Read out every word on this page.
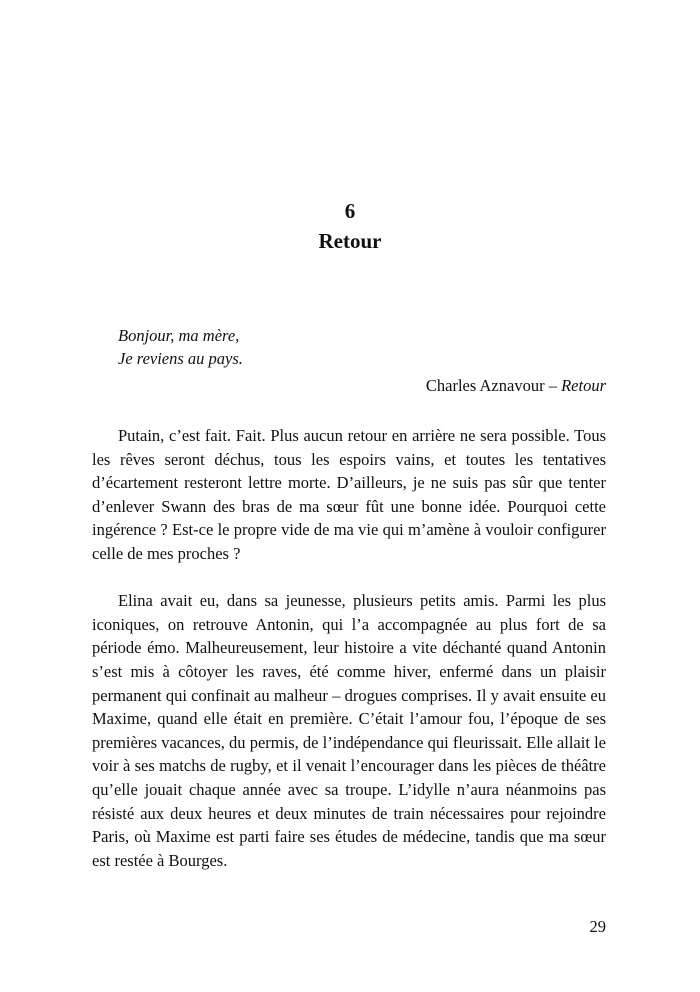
6
Retour
Bonjour, ma mère,
Je reviens au pays.
Charles Aznavour – Retour

Putain, c’est fait. Fait. Plus aucun retour en arrière ne sera possible. Tous les rêves seront déchus, tous les espoirs vains, et toutes les tentatives d’écartement resteront lettre morte. D’ailleurs, je ne suis pas sûr que tenter d’enlever Swann des bras de ma sœur fût une bonne idée. Pourquoi cette ingérence ? Est-ce le propre vide de ma vie qui m’amène à vouloir configurer celle de mes proches ?

Elina avait eu, dans sa jeunesse, plusieurs petits amis. Parmi les plus iconiques, on retrouve Antonin, qui l’a accompagnée au plus fort de sa période émo. Malheureusement, leur histoire a vite déchanté quand Antonin s’est mis à côtoyer les raves, été comme hiver, enfermé dans un plaisir permanent qui confinait au malheur – drogues comprises. Il y avait ensuite eu Maxime, quand elle était en première. C’était l’amour fou, l’époque de ses premières vacances, du permis, de l’indépendance qui fleurissait. Elle allait le voir à ses matchs de rugby, et il venait l’encourager dans les pièces de théâtre qu’elle jouait chaque année avec sa troupe. L’idylle n’aura néanmoins pas résisté aux deux heures et deux minutes de train nécessaires pour rejoindre Paris, où Maxime est parti faire ses études de médecine, tandis que ma sœur est restée à Bourges.

29
